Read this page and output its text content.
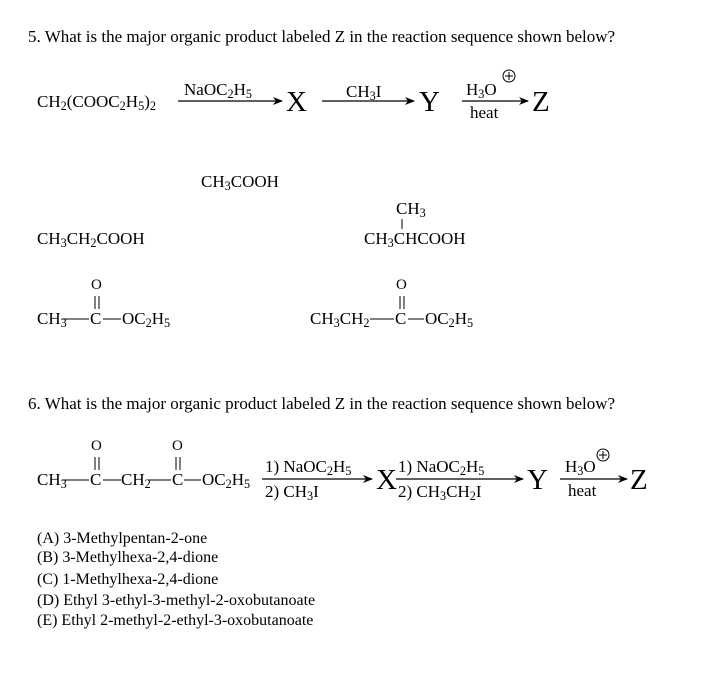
5. What is the major organic product labeled Z in the reaction sequence shown below?
$CH_2(COOC_2H_5)_2$
$NaOC_2H_5$ X $CH_3I$ Y $H_3O$
heat Z
$CH_3COOH$
$CH_3CH_2COOH$
$CH_3$
$CH_3CHCOOH$
O
$CH_3$ C $OC_2H_5$
O
$CH_3CH_2$ C $OC_2H_5$
6. What is the major organic product labeled Z in the reaction sequence shown below?
O	O
$CH_3$ C $CH_2$ C $OC_2H_5$
1) $NaOC_2H_5$
2) $CH_3I$ X 1) $NaOC_2H_5$
2) $CH_3CH_2I$ Y $H_3O$
heat Z
(A) 3-Methylpentan-2-one
(B) 3-Methylhexa-2,4-dione
(C) 1-Methylhexa-2,4-dione
(D) Ethyl 3-ethyl-3-methyl-2-oxobutanoate
(E) Ethyl 2-methyl-2-ethyl-3-oxobutanoate
